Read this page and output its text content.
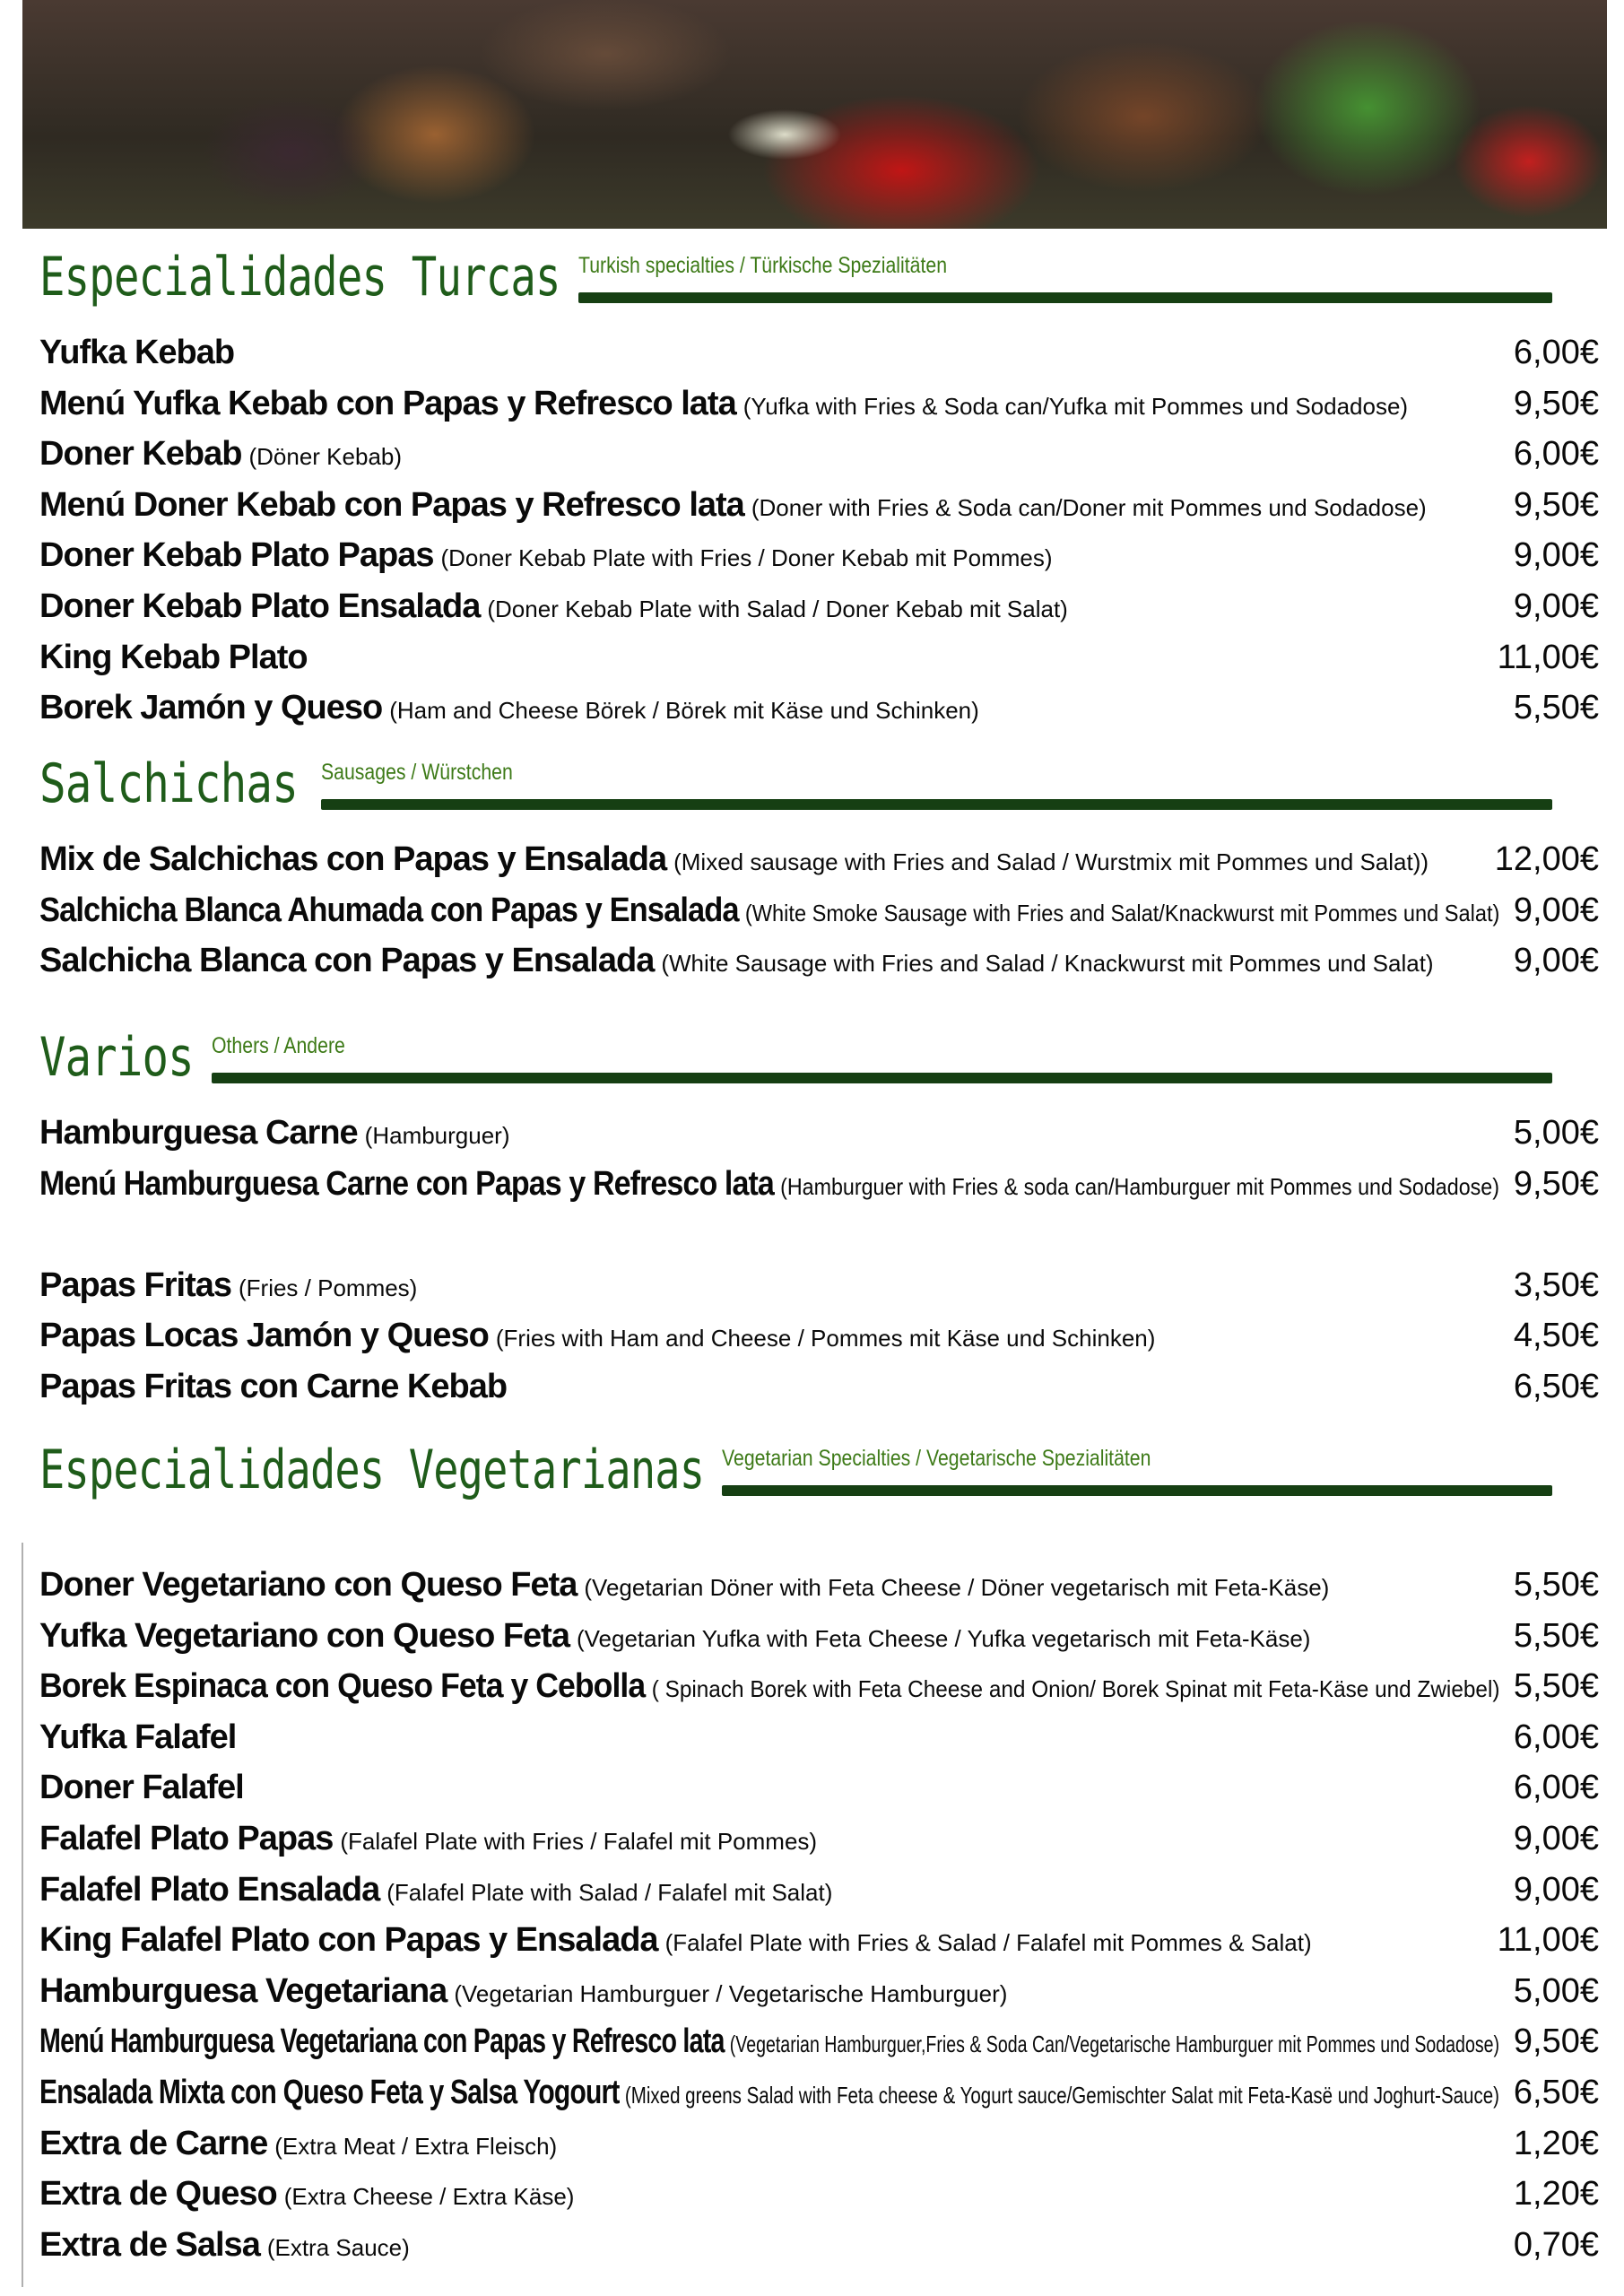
Especialidades Turcas Turkish specialties / Türkische Spezialitäten
Yufka Kebab	6,00€
Menú Yufka Kebab con Papas y Refresco lata (Yufka with Fries & Soda can/Yufka mit Pommes und Sodadose)	9,50€
Doner Kebab (Döner Kebab)	6,00€
Menú Doner Kebab con Papas y Refresco lata (Doner with Fries & Soda can/Doner mit Pommes und Sodadose)	9,50€
Doner Kebab Plato Papas (Doner Kebab Plate with Fries / Doner Kebab mit Pommes)	9,00€
Doner Kebab Plato Ensalada (Doner Kebab Plate with Salad / Doner Kebab mit Salat)	9,00€
King Kebab Plato	11,00€
Borek Jamón y Queso (Ham and Cheese Börek / Börek mit Käse und Schinken)	5,50€
Salchichas Sausages / Würstchen
Mix de Salchichas con Papas y Ensalada (Mixed sausage with Fries and Salad / Wurstmix mit Pommes und Salat)) 12,00€
Salchicha Blanca Ahumada con Papas y Ensalada (White Smoke Sausage with Fries and Salat/Knackwurst mit Pommes und Salat) 9,00€
Salchicha Blanca con Papas y Ensalada (White Sausage with Fries and Salad / Knackwurst mit Pommes und Salat) 9,00€
Varios Others / Andere
Hamburguesa Carne (Hamburguer)	5,00€
Menú Hamburguesa Carne con Papas y Refresco lata (Hamburguer with Fries & soda can/Hamburguer mit Pommes und Sodadose) 9,50€
Papas Fritas (Fries / Pommes)	3,50€
Papas Locas Jamón y Queso (Fries with Ham and Cheese / Pommes mit Käse und Schinken)	4,50€
Papas Fritas con Carne Kebab	6,50€
Especialidades Vegetarianas Vegetarian Specialties / Vegetarische Spezialitäten
Doner Vegetariano con Queso Feta (Vegetarian Döner with Feta Cheese / Döner vegetarisch mit Feta-Käse)	5,50€
Yufka Vegetariano con Queso Feta (Vegetarian Yufka with Feta Cheese / Yufka vegetarisch mit Feta-Käse)	5,50€
Borek Espinaca con Queso Feta y Cebolla ( Spinach Borek with Feta Cheese and Onion/ Borek Spinat mit Feta-Käse und Zwiebel) 5,50€
Yufka Falafel	6,00€
Doner Falafel	6,00€
Falafel Plato Papas (Falafel Plate with Fries / Falafel mit Pommes)	9,00€
Falafel Plato Ensalada (Falafel Plate with Salad / Falafel mit Salat)	9,00€
King Falafel Plato con Papas y Ensalada (Falafel Plate with Fries & Salad / Falafel mit Pommes & Salat)	11,00€
Hamburguesa Vegetariana (Vegetarian Hamburguer / Vegetarische Hamburguer)	5,00€
Menú Hamburguesa Vegetariana con Papas y Refresco lata (Vegetarian Hamburguer,Fries & Soda Can/Vegetarische Hamburguer mit Pommes und Sodadose) 9,50€
Ensalada Mixta con Queso Feta y Salsa Yogourt (Mixed greens Salad with Feta cheese & Yogurt sauce/Gemischter Salat mit Feta-Kasë und Joghurt-Sauce) 6,50€
Extra de Carne (Extra Meat / Extra Fleisch)	1,20€
Extra de Queso (Extra Cheese / Extra Käse)	1,20€
Extra de Salsa (Extra Sauce)	0,70€
